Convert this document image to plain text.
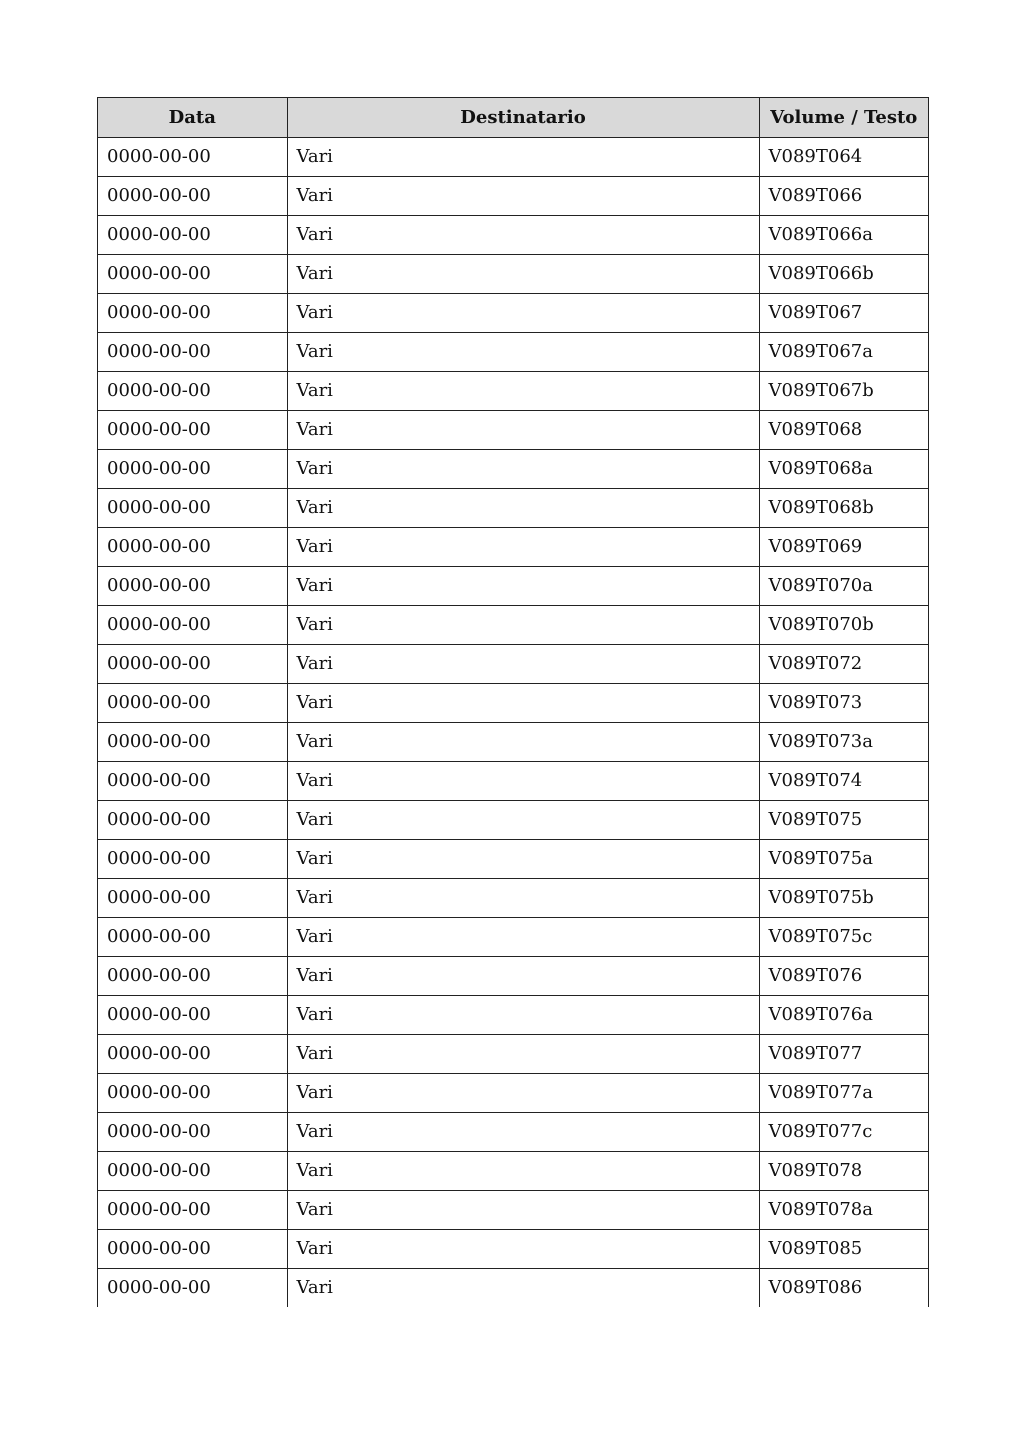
Data	Destinatario	Volume / Testo
0000-00-00	Vari	V089T064
0000-00-00	Vari	V089T066
0000-00-00	Vari	V089T066a
0000-00-00	Vari	V089T066b
0000-00-00	Vari	V089T067
0000-00-00	Vari	V089T067a
0000-00-00	Vari	V089T067b
0000-00-00	Vari	V089T068
0000-00-00	Vari	V089T068a
0000-00-00	Vari	V089T068b
0000-00-00	Vari	V089T069
0000-00-00	Vari	V089T070a
0000-00-00	Vari	V089T070b
0000-00-00	Vari	V089T072
0000-00-00	Vari	V089T073
0000-00-00	Vari	V089T073a
0000-00-00	Vari	V089T074
0000-00-00	Vari	V089T075
0000-00-00	Vari	V089T075a
0000-00-00	Vari	V089T075b
0000-00-00	Vari	V089T075c
0000-00-00	Vari	V089T076
0000-00-00	Vari	V089T076a
0000-00-00	Vari	V089T077
0000-00-00	Vari	V089T077a
0000-00-00	Vari	V089T077c
0000-00-00	Vari	V089T078
0000-00-00	Vari	V089T078a
0000-00-00	Vari	V089T085
0000-00-00	Vari	V089T086
